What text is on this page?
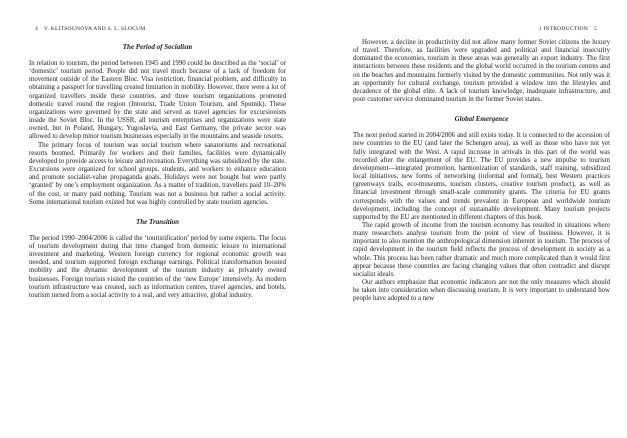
4 V. KLITSOUNOVA AND S. L. SLOCUM
The Period of Socialism

In relation to tourism, the period between 1945 and 1990 could be described as the ‘social’ or ‘domestic’ tourism period. People did not travel much because of a lack of freedom for movement outside of the Eastern Bloc. Visa restriction, financial problem, and difficulty in obtaining a passport for travelling created limitation in mobility. However, there were a lot of organized travellers inside these countries, and three tourism organizations promoted domestic travel round the region (Intourist, Trade Union Tourism, and Sputnik). These organizations were governed by the state and served as travel agencies for excursionists inside the Soviet Bloc. In the USSR, all tourism enterprises and organizations were state owned, but in Poland, Hungary, Yugoslavia, and East Germany, the private sector was allowed to develop minor tourism businesses especially in the mountains and seaside resorts.

The primary focus of tourism was social tourism where sanatoriums and recreational resorts boomed. Primarily for workers and their families, facilities were dynamically developed to provide access to leisure and recreation. Everything was subsidized by the state. Excursions were organized for school groups, students, and workers to enhance education and promote socialist-value propaganda goals. Holidays were not bought but were partly ‘granted’ by one’s employment organization. As a matter of tradition, travellers paid 10–20% of the cost, or many paid nothing. Tourism was not a business but rather a social activity. Some international tourism existed but was highly controlled by state tourism agencies.

The Transition

The period 1990–2004/2006 is called the ‘touristification’ period by some experts. The focus of tourism development during that time changed from domestic leisure to international investment and marketing. Western foreign currency for regional economic growth was needed, and tourism supported foreign exchange earnings. Political transformation boosted mobility and the dynamic development of the tourism industry as privately owned businesses. Foreign tourists visited the countries of the ‘new Europe’ intensively. As modern tourism infrastructure was created, such as information centres, travel agencies, and hotels, tourism turned from a social activity to a real, and very attractive, global industry.

1 INTRODUCTION 5

However, a decline in productivity did not allow many former Soviet citizens the luxury of travel. Therefore, as facilities were upgraded and political and financial insecurity dominated the economies, tourism in these areas was generally an export industry. The first interactions between these residents and the global world occurred in the tourism centres and on the beaches and mountains formerly visited by the domestic communities. Not only was it an opportunity for cultural exchange, tourism provided a window into the lifestyles and decadence of the global elite. A lack of tourism knowledge, inadequate infrastructure, and poor customer service dominated tourism in the former Soviet states.

Global Emergence

The next period started in 2004/2006 and still exists today. It is connected to the accession of new countries to the EU (and later the Schengen area), as well as those who have not yet fully integrated with the West. A rapid increase in arrivals in this part of the world was recorded after the enlargement of the EU. The EU provides a new impulse to tourism development—integrated promotion, harmonization of standards, staff training, subsidized local initiatives, new forms of networking (informal and formal), best Western practices (greenways trails, eco-museums, tourism clusters, creative tourism product), as well as financial investment through small-scale community grants. The criteria for EU grants corresponds with the values and trends prevalent in European and worldwide tourism development, including the concept of sustainable development. Many tourism projects supported by the EU are mentioned in different chapters of this book.

The rapid growth of income from the tourism economy has resulted in situations where many researchers analyse tourism from the point of view of business. However, it is important to also mention the anthropological dimension inherent in tourism. The process of rapid development in the tourism field reflects the process of development in society as a whole. This process has been rather dramatic and much more complicated than it would first appear because these countries are facing changing values that often contradict and disrupt socialist ideals.

Our authors emphasize that economic indicators are not the only measures which should be taken into consideration when discussing tourism. It is very important to understand how people have adopted to a new
